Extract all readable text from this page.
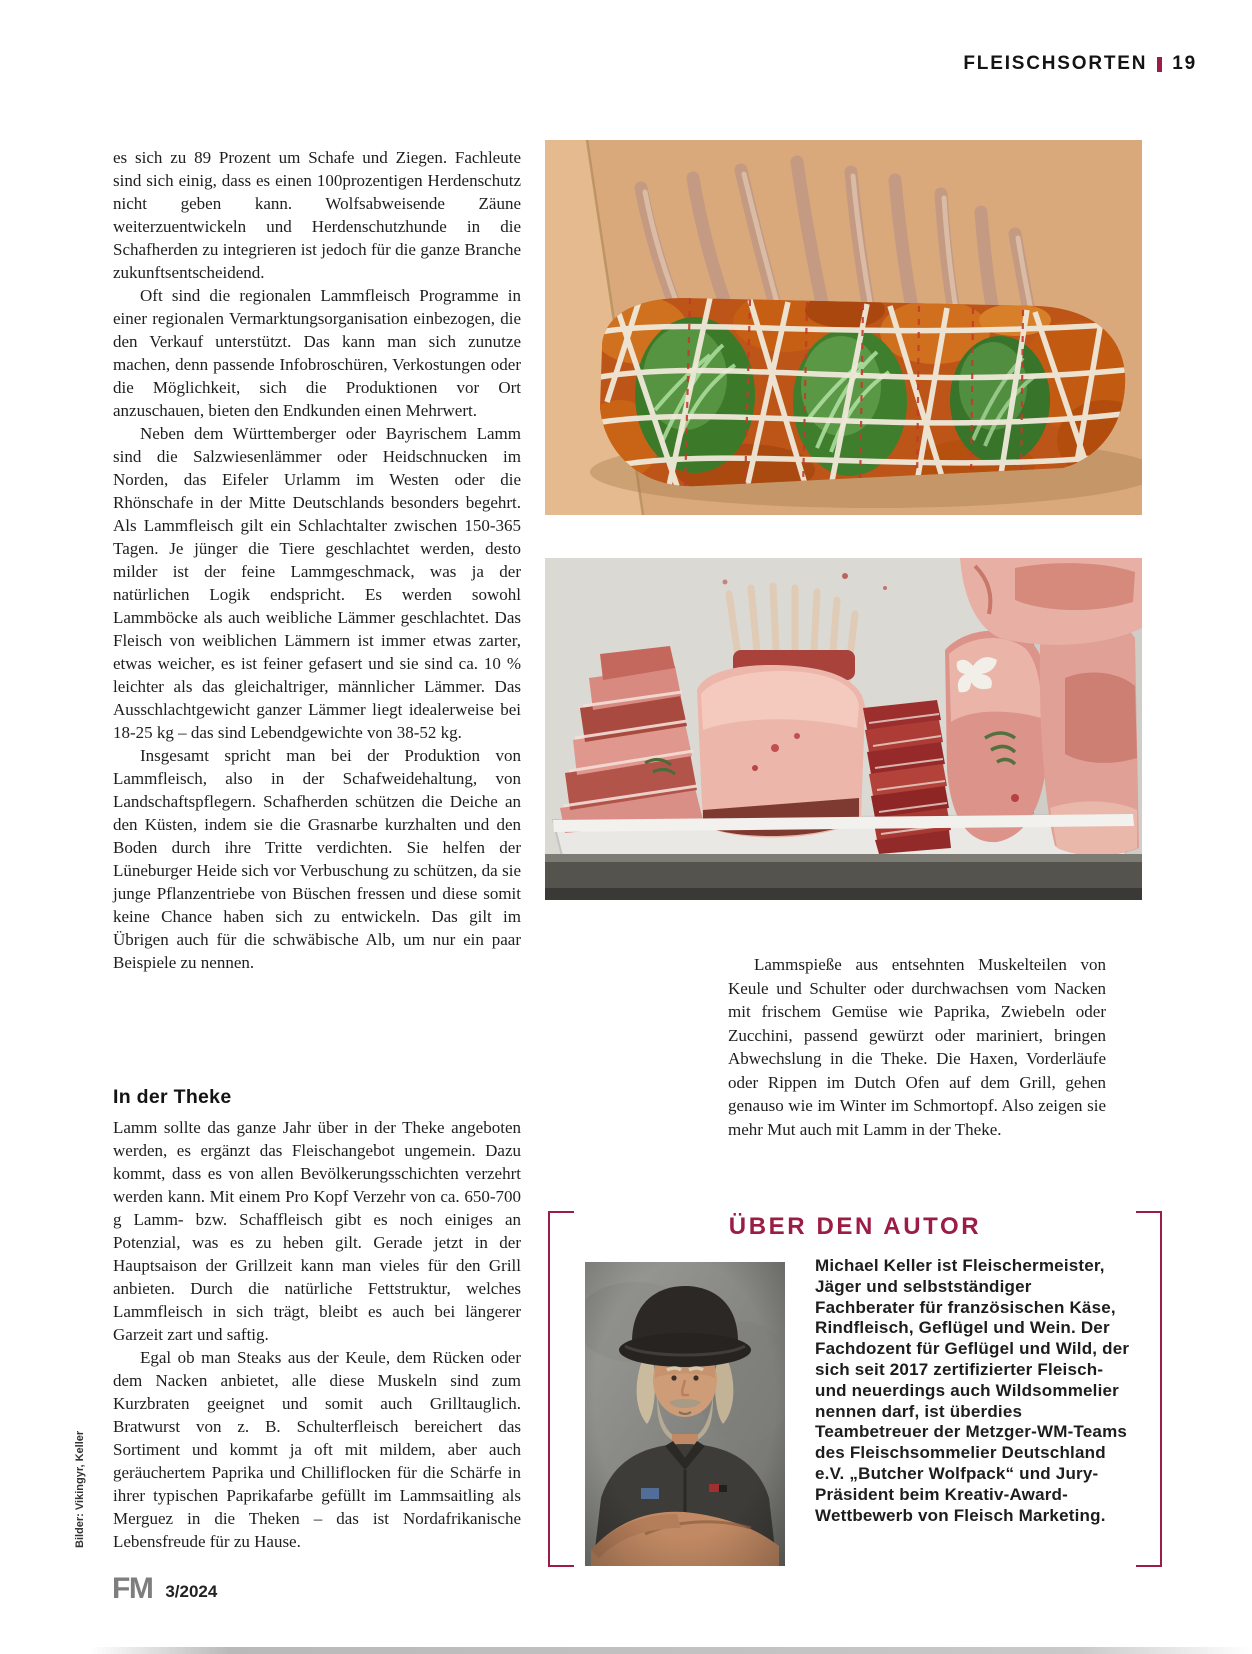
FLEISCHSORTEN 19

es sich zu 89 Prozent um Schafe und Ziegen. Fachleute sind sich einig, dass es einen 100prozentigen Herdenschutz nicht geben kann. Wolfsabweisende Zäune weiterzuentwickeln und Herdenschutzhunde in die Schafherden zu integrieren ist jedoch für die ganze Branche zukunftsentscheidend.

Oft sind die regionalen Lammfleisch Programme in einer regionalen Vermarktungsorganisation einbezogen, die den Verkauf unterstützt. Das kann man sich zunutze machen, denn passende Infobroschüren, Verkostungen oder die Möglichkeit, sich die Produktionen vor Ort anzuschauen, bieten den Endkunden einen Mehrwert.

Neben dem Württemberger oder Bayrischem Lamm sind die Salzwiesenlämmer oder Heidschnucken im Norden, das Eifeler Urlamm im Westen oder die Rhönschafe in der Mitte Deutschlands besonders begehrt. Als Lammfleisch gilt ein Schlachtalter zwischen 150-365 Tagen. Je jünger die Tiere geschlachtet werden, desto milder ist der feine Lammgeschmack, was ja der natürlichen Logik endspricht. Es werden sowohl Lammböcke als auch weibliche Lämmer geschlachtet. Das Fleisch von weiblichen Lämmern ist immer etwas zarter, etwas weicher, es ist feiner gefasert und sie sind ca. 10 % leichter als das gleichaltriger, männlicher Lämmer. Das Ausschlachtgewicht ganzer Lämmer liegt idealerweise bei 18-25 kg – das sind Lebendgewichte von 38-52 kg.

Insgesamt spricht man bei der Produktion von Lammfleisch, also in der Schafweidehaltung, von Landschaftspflegern. Schafherden schützen die Deiche an den Küsten, indem sie die Grasnarbe kurzhalten und den Boden durch ihre Tritte verdichten. Sie helfen der Lüneburger Heide sich vor Verbuschung zu schützen, da sie junge Pflanzentriebe von Büschen fressen und diese somit keine Chance haben sich zu entwickeln. Das gilt im Übrigen auch für die schwäbische Alb, um nur ein paar Beispiele zu nennen.

In der Theke

Lamm sollte das ganze Jahr über in der Theke angeboten werden, es ergänzt das Fleischangebot ungemein. Dazu kommt, dass es von allen Bevölkerungsschichten verzehrt werden kann. Mit einem Pro Kopf Verzehr von ca. 650-700 g Lamm- bzw. Schaffleisch gibt es noch einiges an Potenzial, was es zu heben gilt. Gerade jetzt in der Hauptsaison der Grillzeit kann man vieles für den Grill anbieten. Durch die natürliche Fettstruktur, welches Lammfleisch in sich trägt, bleibt es auch bei längerer Garzeit zart und saftig.

Egal ob man Steaks aus der Keule, dem Rücken oder dem Nacken anbietet, alle diese Muskeln sind zum Kurzbraten geeignet und somit auch Grilltauglich. Bratwurst von z. B. Schulterfleisch bereichert das Sortiment und kommt ja oft mit mildem, aber auch geräuchertem Paprika und Chilliflocken für die Schärfe in ihrer typischen Paprikafarbe gefüllt im Lammsaitling als Merguez in die Theken – das ist Nordafrikanische Lebensfreude für zu Hause.

Lammspieße aus entsehnten Muskelteilen von Keule und Schulter oder durchwachsen vom Nacken mit frischem Gemüse wie Paprika, Zwiebeln oder Zucchini, passend gewürzt oder mariniert, bringen Abwechslung in die Theke. Die Haxen, Vorderläufe oder Rippen im Dutch Ofen auf dem Grill, gehen genauso wie im Winter im Schmortopf. Also zeigen sie mehr Mut auch mit Lamm in der Theke.

ÜBER DEN AUTOR
Michael Keller ist Fleischermeister, Jäger und selbstständiger Fachberater für französischen Käse, Rindfleisch, Geflügel und Wein. Der Fachdozent für Geflügel und Wild, der sich seit 2017 zertifizierter Fleisch- und neuerdings auch Wildsommelier nennen darf, ist überdies Teambetreuer der Metzger-WM-Teams des Fleischsommelier Deutschland e.V. „Butcher Wolfpack“ und Jury-Präsident beim Kreativ-Award-Wettbewerb von Fleisch Marketing.
FM 3/2024
Bilder: Vikingyr, Keller
